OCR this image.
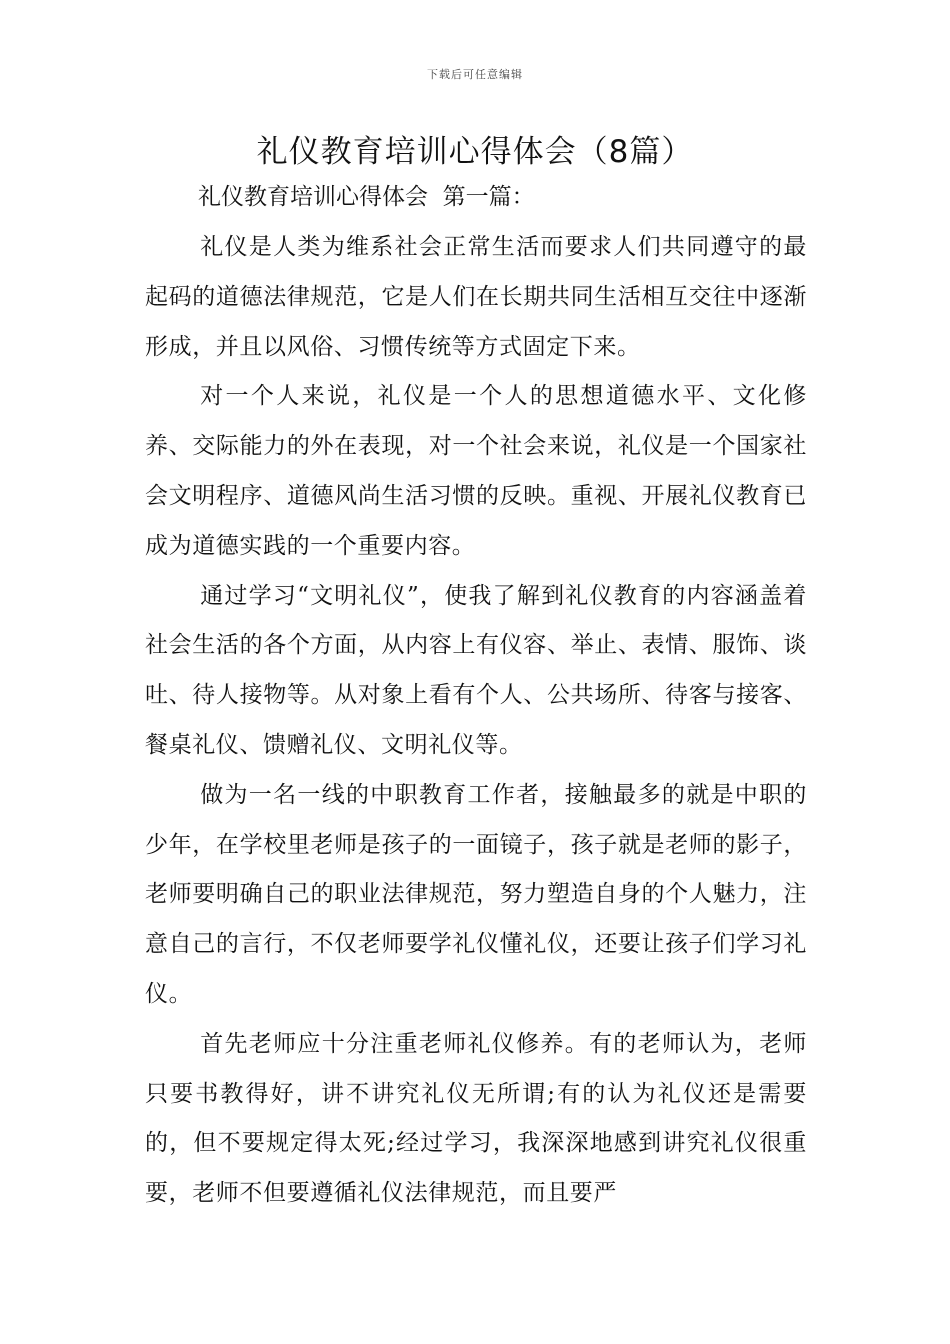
下载后可任意编辑
礼仪教育培训心得体会（8篇）
礼仪教育培训心得体会  第一篇：

礼仪是人类为维系社会正常生活而要求人们共同遵守的最起码的道德法律规范，它是人们在长期共同生活相互交往中逐渐形成，并且以风俗、习惯传统等方式固定下来。

对一个人来说，礼仪是一个人的思想道德水平、文化修养、交际能力的外在表现，对一个社会来说，礼仪是一个国家社会文明程序、道德风尚生活习惯的反映。重视、开展礼仪教育已成为道德实践的一个重要内容。

通过学习“文明礼仪”，使我了解到礼仪教育的内容涵盖着社会生活的各个方面，从内容上有仪容、举止、表情、服饰、谈吐、待人接物等。从对象上看有个人、公共场所、待客与接客、餐桌礼仪、馈赠礼仪、文明礼仪等。

做为一名一线的中职教育工作者，接触最多的就是中职的少年，在学校里老师是孩子的一面镜子，孩子就是老师的影子，老师要明确自己的职业法律规范，努力塑造自身的个人魅力，注意自己的言行，不仅老师要学礼仪懂礼仪，还要让孩子们学习礼仪。

首先老师应十分注重老师礼仪修养。有的老师认为，老师只要书教得好，讲不讲究礼仪无所谓;有的认为礼仪还是需要的，但不要规定得太死;经过学习，我深深地感到讲究礼仪很重要，老师不但要遵循礼仪法律规范，而且要严
